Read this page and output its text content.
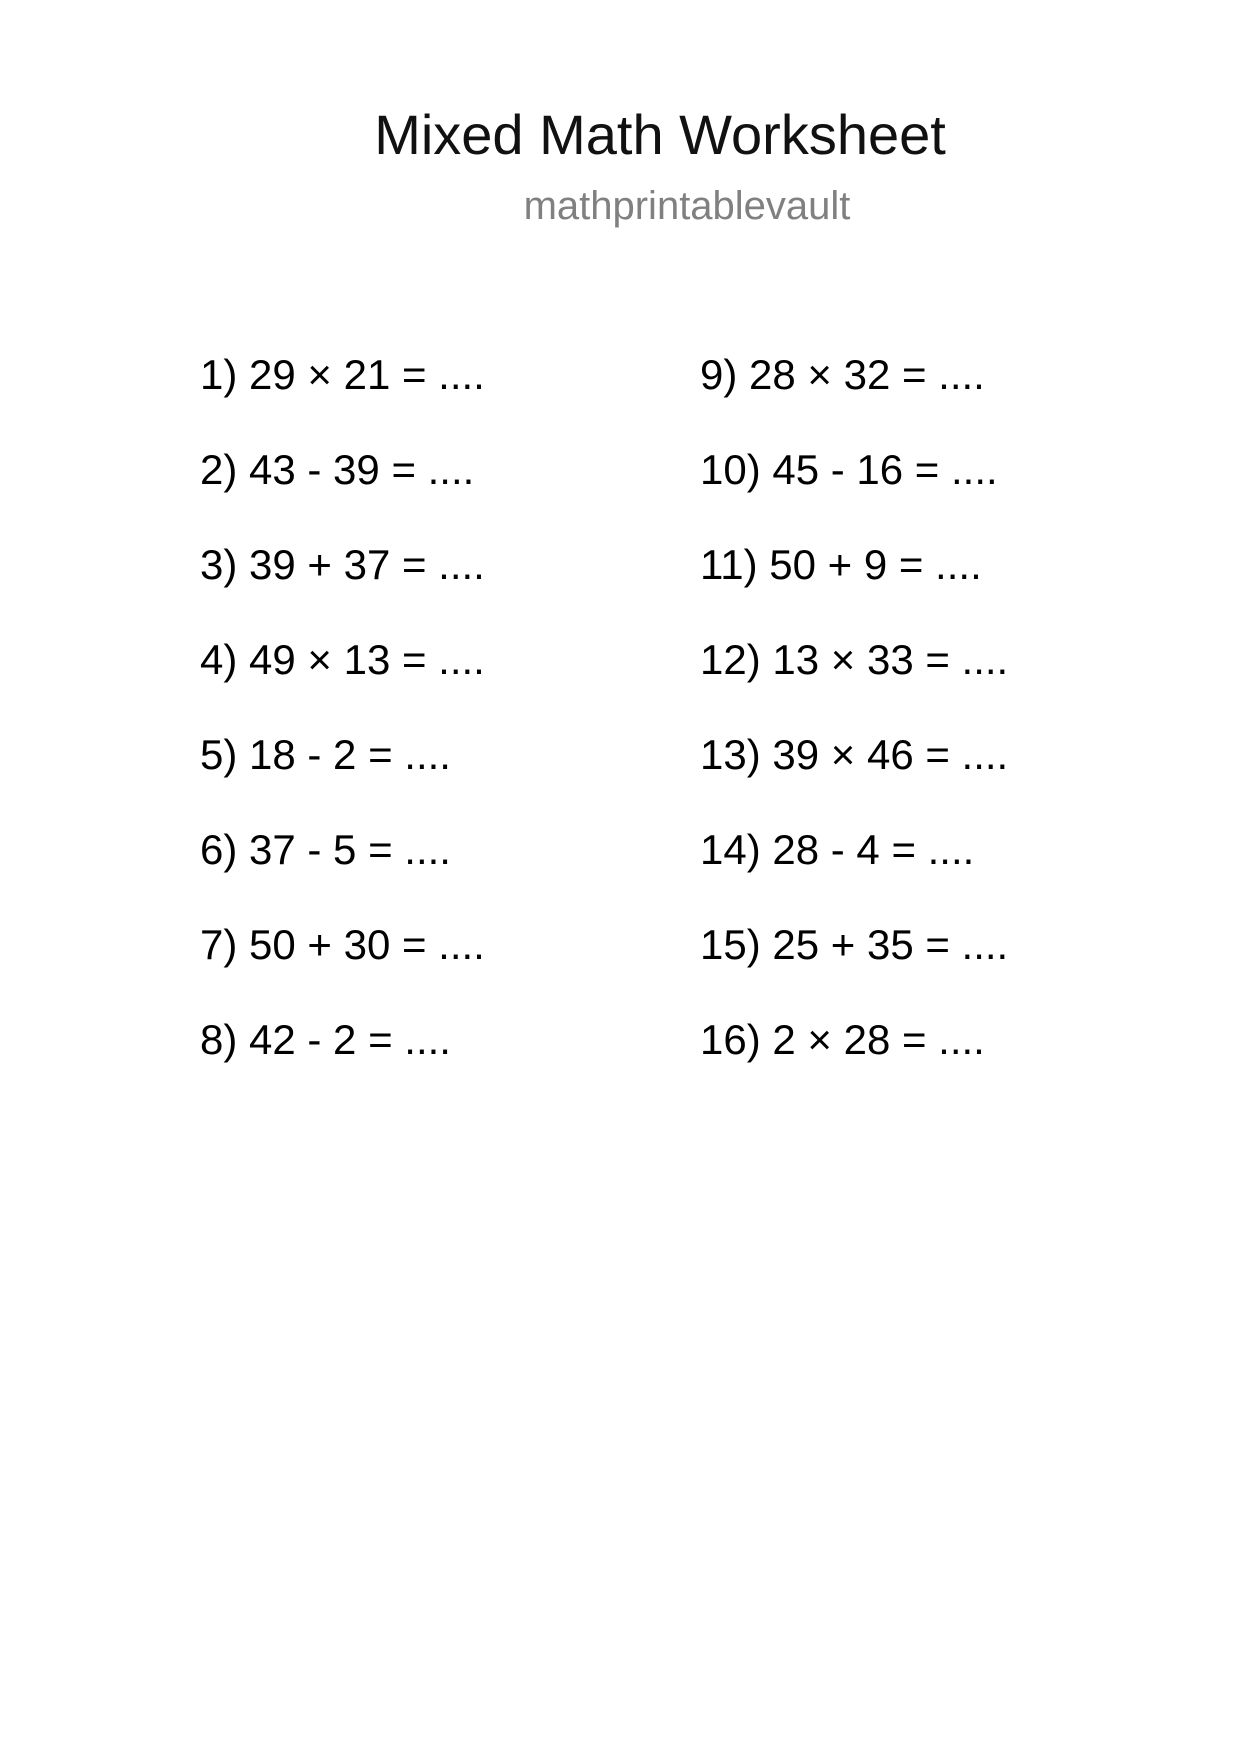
Mixed Math Worksheet
mathprintablevault
1) 29 × 21 = ....
2) 43 - 39 = ....
3) 39 + 37 = ....
4) 49 × 13 = ....
5) 18 - 2 = ....
6) 37 - 5 = ....
7) 50 + 30 = ....
8) 42 - 2 = ....
9) 28 × 32 = ....
10) 45 - 16 = ....
11) 50 + 9 = ....
12) 13 × 33 = ....
13) 39 × 46 = ....
14) 28 - 4 = ....
15) 25 + 35 = ....
16) 2 × 28 = ....
